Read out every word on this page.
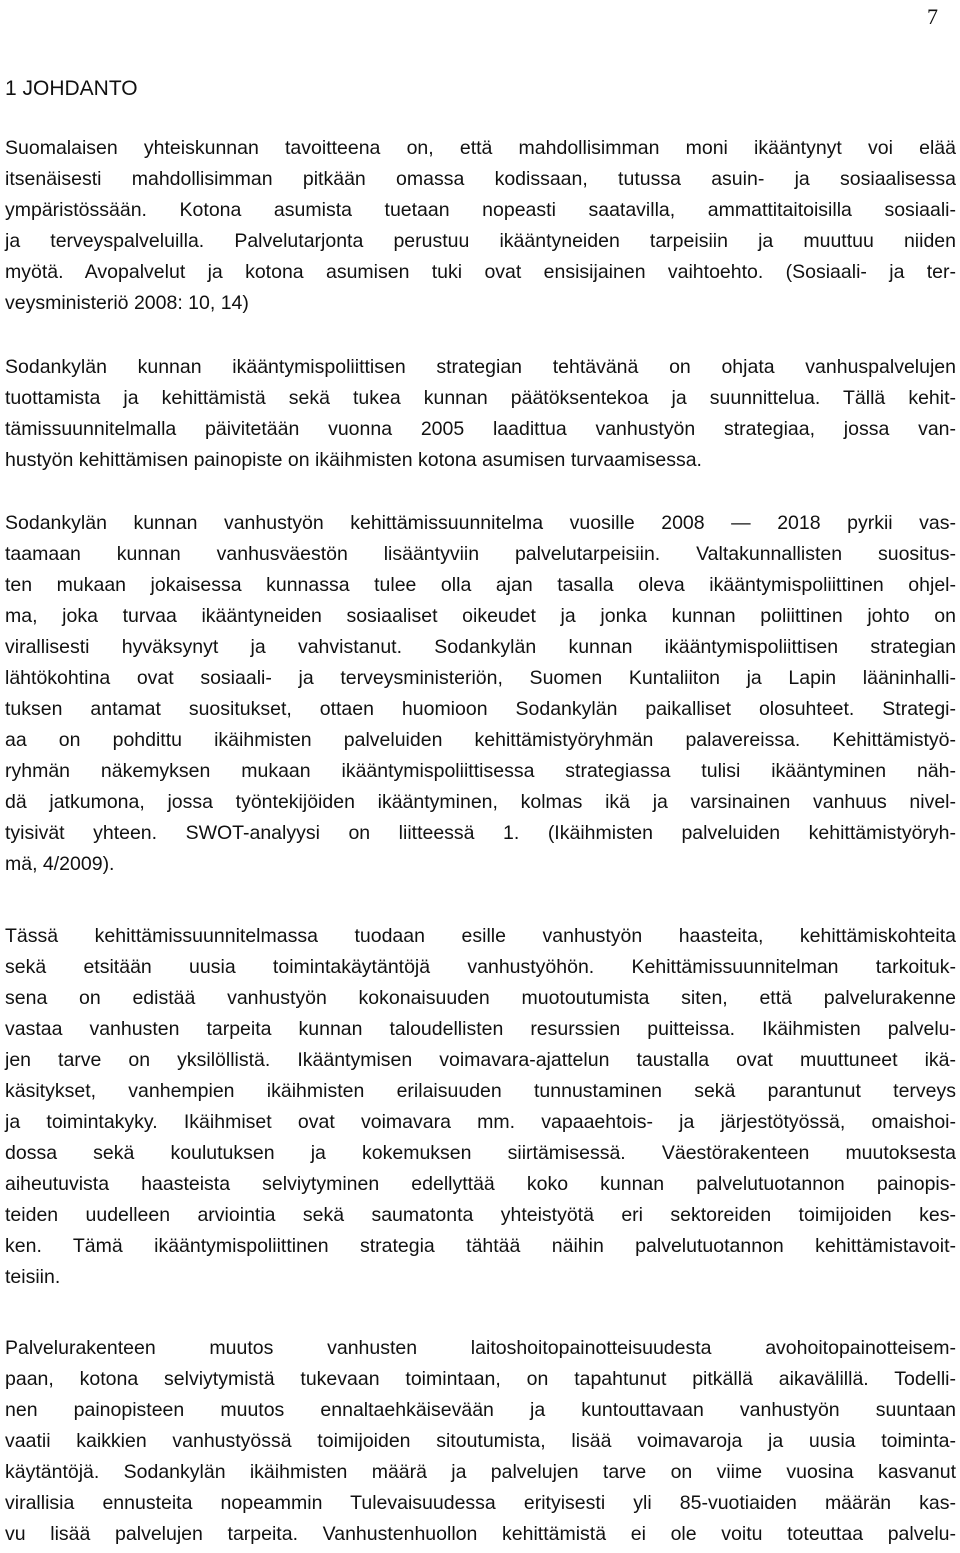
7
1 JOHDANTO
Suomalaisen yhteiskunnan tavoitteena on, että mahdollisimman moni ikääntynyt voi elää
itsenäisesti mahdollisimman pitkään omassa kodissaan, tutussa asuin- ja sosiaalisessa
ympäristössään. Kotona asumista tuetaan nopeasti saatavilla, ammattitaitoisilla sosiaali-
ja terveyspalveluilla. Palvelutarjonta perustuu ikääntyneiden tarpeisiin ja muuttuu niiden
myötä. Avopalvelut ja kotona asumisen tuki ovat ensisijainen vaihtoehto. (Sosiaali- ja ter-
veysministeriö 2008: 10, 14)
Sodankylän kunnan ikääntymispoliittisen strategian tehtävänä on ohjata vanhuspalvelujen
tuottamista ja kehittämistä sekä tukea kunnan päätöksentekoa ja suunnittelua. Tällä kehit-
tämissuunnitelmalla päivitetään vuonna 2005 laadittua vanhustyön strategiaa, jossa van-
hustyön kehittämisen painopiste on ikäihmisten kotona asumisen turvaamisessa.
Sodankylän kunnan vanhustyön kehittämissuunnitelma vuosille 2008 — 2018 pyrkii vas-
taamaan kunnan vanhusväestön lisääntyviin palvelutarpeisiin. Valtakunnallisten suositus-
ten mukaan jokaisessa kunnassa tulee olla ajan tasalla oleva ikääntymispoliittinen ohjel-
ma, joka turvaa ikääntyneiden sosiaaliset oikeudet ja jonka kunnan poliittinen johto on
virallisesti hyväksynyt ja vahvistanut. Sodankylän kunnan ikääntymispoliittisen strategian
lähtökohtina ovat sosiaali- ja terveysministeriön, Suomen Kuntaliiton ja Lapin lääninhalli-
tuksen antamat suositukset, ottaen huomioon Sodankylän paikalliset olosuhteet. Strategi-
aa on pohdittu ikäihmisten palveluiden kehittämistyöryhmän palavereissa. Kehittämistyö-
ryhmän näkemyksen mukaan ikääntymispoliittisessa strategiassa tulisi ikääntyminen näh-
dä jatkumona, jossa työntekijöiden ikääntyminen, kolmas ikä ja varsinainen vanhuus nivel-
tyisivät yhteen. SWOT-analyysi on liitteessä 1. (Ikäihmisten palveluiden kehittämistyöryh-
mä, 4/2009).
Tässä kehittämissuunnitelmassa tuodaan esille vanhustyön haasteita, kehittämiskohteita
sekä etsitään uusia toimintakäytäntöjä vanhustyöhön. Kehittämissuunnitelman tarkoituk-
sena on edistää vanhustyön kokonaisuuden muotoutumista siten, että palvelurakenne
vastaa vanhusten tarpeita kunnan taloudellisten resurssien puitteissa. Ikäihmisten palvelu-
jen tarve on yksilöllistä. Ikääntymisen voimavara-ajattelun taustalla ovat muuttuneet ikä-
käsitykset, vanhempien ikäihmisten erilaisuuden tunnustaminen sekä parantunut terveys
ja toimintakyky. Ikäihmiset ovat voimavara mm. vapaaehtois- ja järjestötyössä, omaishoi-
dossa sekä koulutuksen ja kokemuksen siirtämisessä. Väestörakenteen muutoksesta
aiheutuvista haasteista selviytyminen edellyttää koko kunnan palvelutuotannon painopis-
teiden uudelleen arviointia sekä saumatonta yhteistyötä eri sektoreiden toimijoiden kes-
ken. Tämä ikääntymispoliittinen strategia tähtää näihin palvelutuotannon kehittämistavoit-
teisiin.
Palvelurakenteen muutos vanhusten laitoshoitopainotteisuudesta avohoitopainotteisem-
paan, kotona selviytymistä tukevaan toimintaan, on tapahtunut pitkällä aikavälillä. Todelli-
nen painopisteen muutos ennaltaehkäisevään ja kuntouttavaan vanhustyön suuntaan
vaatii kaikkien vanhustyössä toimijoiden sitoutumista, lisää voimavaroja ja uusia toiminta-
käytäntöjä. Sodankylän ikäihmisten määrä ja palvelujen tarve on viime vuosina kasvanut
virallisia ennusteita nopeammin Tulevaisuudessa erityisesti yli 85-vuotiaiden määrän kas-
vu lisää palvelujen tarpeita. Vanhustenhuollon kehittämistä ei ole voitu toteuttaa palvelu-
